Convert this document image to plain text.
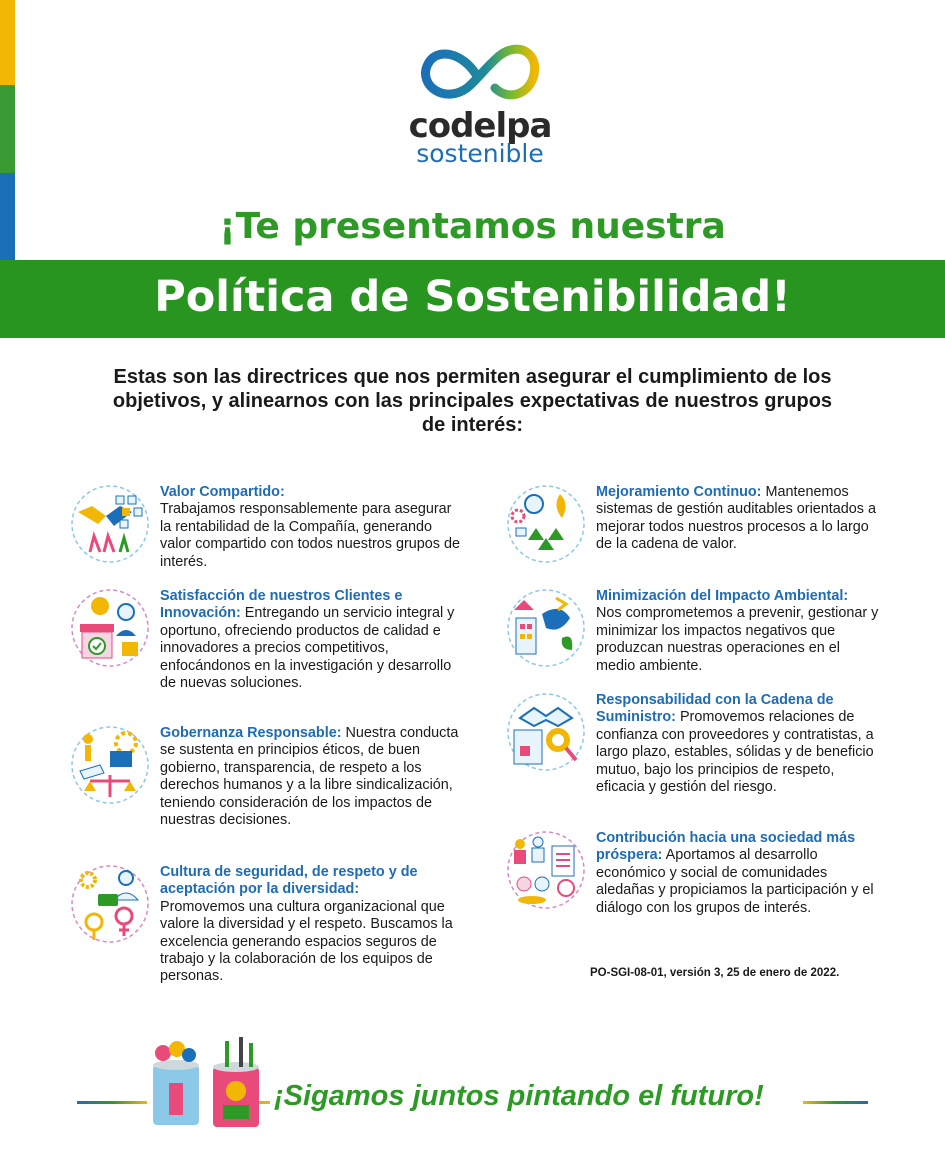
codelpa
sostenible
¡Te presentamos nuestra
Política de Sostenibilidad!
Estas son las directrices que nos permiten asegurar el cumplimiento de los objetivos, y alinearnos con las principales expectativas de nuestros grupos de interés:
Valor Compartido:
Trabajamos responsablemente para asegurar la rentabilidad de la Compañía, generando valor compartido con todos nuestros grupos de interés.
Satisfacción de nuestros Clientes e Innovación: Entregando un servicio integral y oportuno, ofreciendo productos de calidad e innovadores a precios competitivos, enfocándonos en la investigación y desarrollo de nuevas soluciones.
Gobernanza Responsable: Nuestra conducta se sustenta en principios éticos, de buen gobierno, transparencia, de respeto a los derechos humanos y a la libre sindicalización, teniendo consideración de los impactos de nuestras decisiones.
Cultura de seguridad, de respeto y de aceptación por la diversidad:
Promovemos una cultura organizacional que valore la diversidad y el respeto. Buscamos la excelencia generando espacios seguros de trabajo y la colaboración de los equipos de personas.
Mejoramiento Continuo: Mantenemos sistemas de gestión auditables orientados a mejorar todos nuestros procesos a lo largo de la cadena de valor.
Minimización del Impacto Ambiental:
Nos comprometemos a prevenir, gestionar y minimizar los impactos negativos que produzcan nuestras operaciones en el medio ambiente.
Responsabilidad con la Cadena de Suministro: Promovemos relaciones de confianza con proveedores y contratistas, a largo plazo, estables, sólidas y de beneficio mutuo, bajo los principios de respeto, eficacia y gestión del riesgo.
Contribución hacia una sociedad más próspera: Aportamos al desarrollo económico y social de comunidades aledañas y propiciamos la participación y el diálogo con los grupos de interés.
PO-SGI-08-01, versión 3, 25 de enero de 2022.
¡Sigamos juntos pintando el futuro!
